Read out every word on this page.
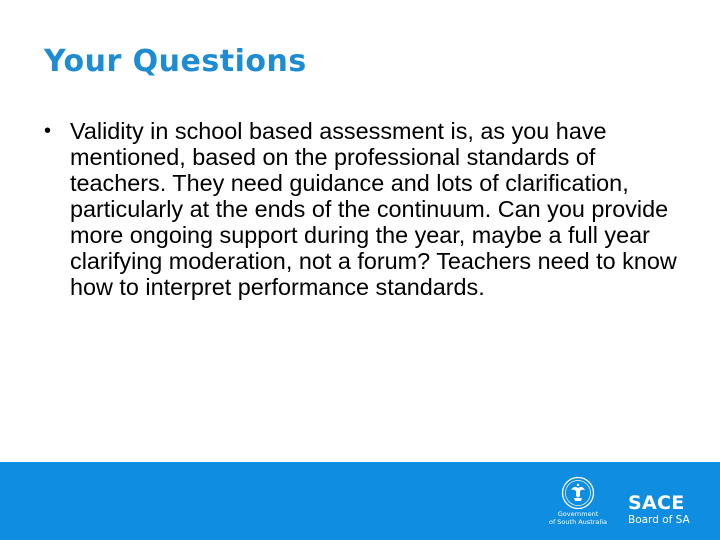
Your Questions
• Validity in school based assessment is, as you have mentioned, based on the professional standards of teachers. They need guidance and lots of clarification, particularly at the ends of the continuum. Can you provide more ongoing support during the year, maybe a full year clarifying moderation, not a forum? Teachers need to know how to interpret performance standards.
Government
of South Australia
SACE
Board of SA
